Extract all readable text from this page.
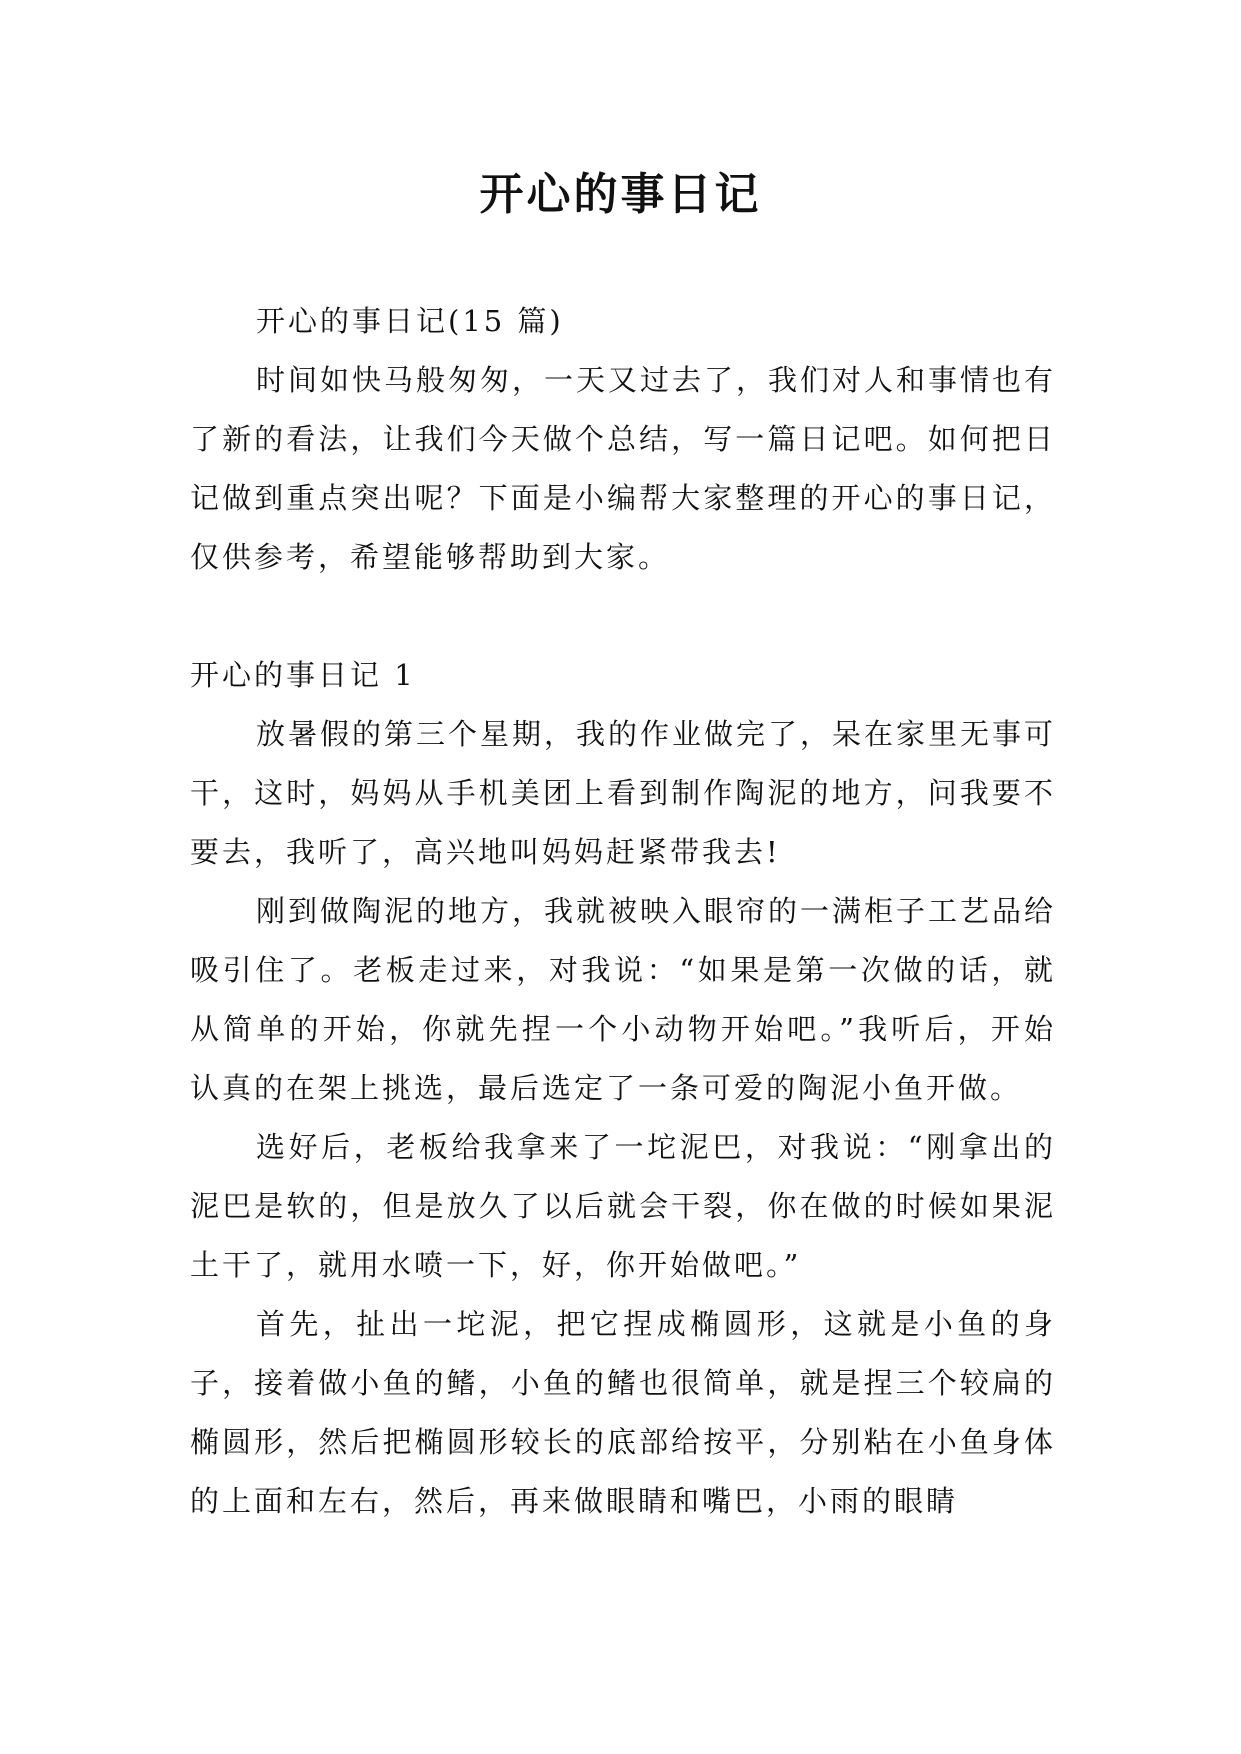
开心的事日记

开心的事日记(15 篇)

时间如快马般匆匆，一天又过去了，我们对人和事情也有了新的看法，让我们今天做个总结，写一篇日记吧。如何把日记做到重点突出呢？下面是小编帮大家整理的开心的事日记，仅供参考，希望能够帮助到大家。

开心的事日记 1

放暑假的第三个星期，我的作业做完了，呆在家里无事可干，这时，妈妈从手机美团上看到制作陶泥的地方，问我要不要去，我听了，高兴地叫妈妈赶紧带我去!

刚到做陶泥的地方，我就被映入眼帘的一满柜子工艺品给吸引住了。老板走过来，对我说：“如果是第一次做的话，就从简单的开始，你就先捏一个小动物开始吧。”我听后，开始认真的在架上挑选，最后选定了一条可爱的陶泥小鱼开做。

选好后，老板给我拿来了一坨泥巴，对我说：“刚拿出的泥巴是软的，但是放久了以后就会干裂，你在做的时候如果泥土干了，就用水喷一下，好，你开始做吧。”

首先，扯出一坨泥，把它捏成椭圆形，这就是小鱼的身子，接着做小鱼的鳍，小鱼的鳍也很简单，就是捏三个较扁的椭圆形，然后把椭圆形较长的底部给按平，分别粘在小鱼身体的上面和左右，然后，再来做眼睛和嘴巴，小雨的眼睛
